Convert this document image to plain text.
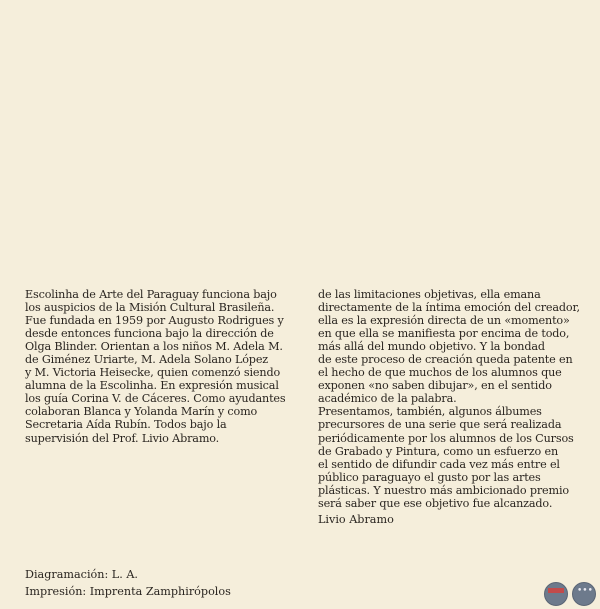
Escolinha de Arte del Paraguay funciona bajo
los auspicios de la Misión Cultural Brasileña.
Fue fundada en 1959 por Augusto Rodrigues y
desde entonces funciona bajo la dirección de
Olga Blinder. Orientan a los niños M. Adela M.
de Giménez Uriarte, M. Adela Solano López
y M. Victoria Heisecke, quien comenzó siendo
alumna de la Escolinha. En expresión musical
los guía Corina V. de Cáceres. Como ayudantes
colaboran Blanca y Yolanda Marín y como
Secretaria Aída Rubín. Todos bajo la
supervisión del Prof. Livio Abramo.
de las limitaciones objetivas, ella emana
directamente de la íntima emoción del creador,
ella es la expresión directa de un «momento»
en que ella se manifiesta por encima de todo,
más allá del mundo objetivo. Y la bondad
de este proceso de creación queda patente en
el hecho de que muchos de los alumnos que
exponen «no saben dibujar», en el sentido
académico de la palabra.
Presentamos, también, algunos álbumes
precursores de una serie que será realizada
periódicamente por los alumnos de los Cursos
de Grabado y Pintura, como un esfuerzo en
el sentido de difundir cada vez más entre el
público paraguayo el gusto por las artes
plásticas. Y nuestro más ambicionado premio
será saber que ese objetivo fue alcanzado.
Livio Abramo
Diagramación: L. A.
Impresión: Imprenta Zamphirópolos
•••
